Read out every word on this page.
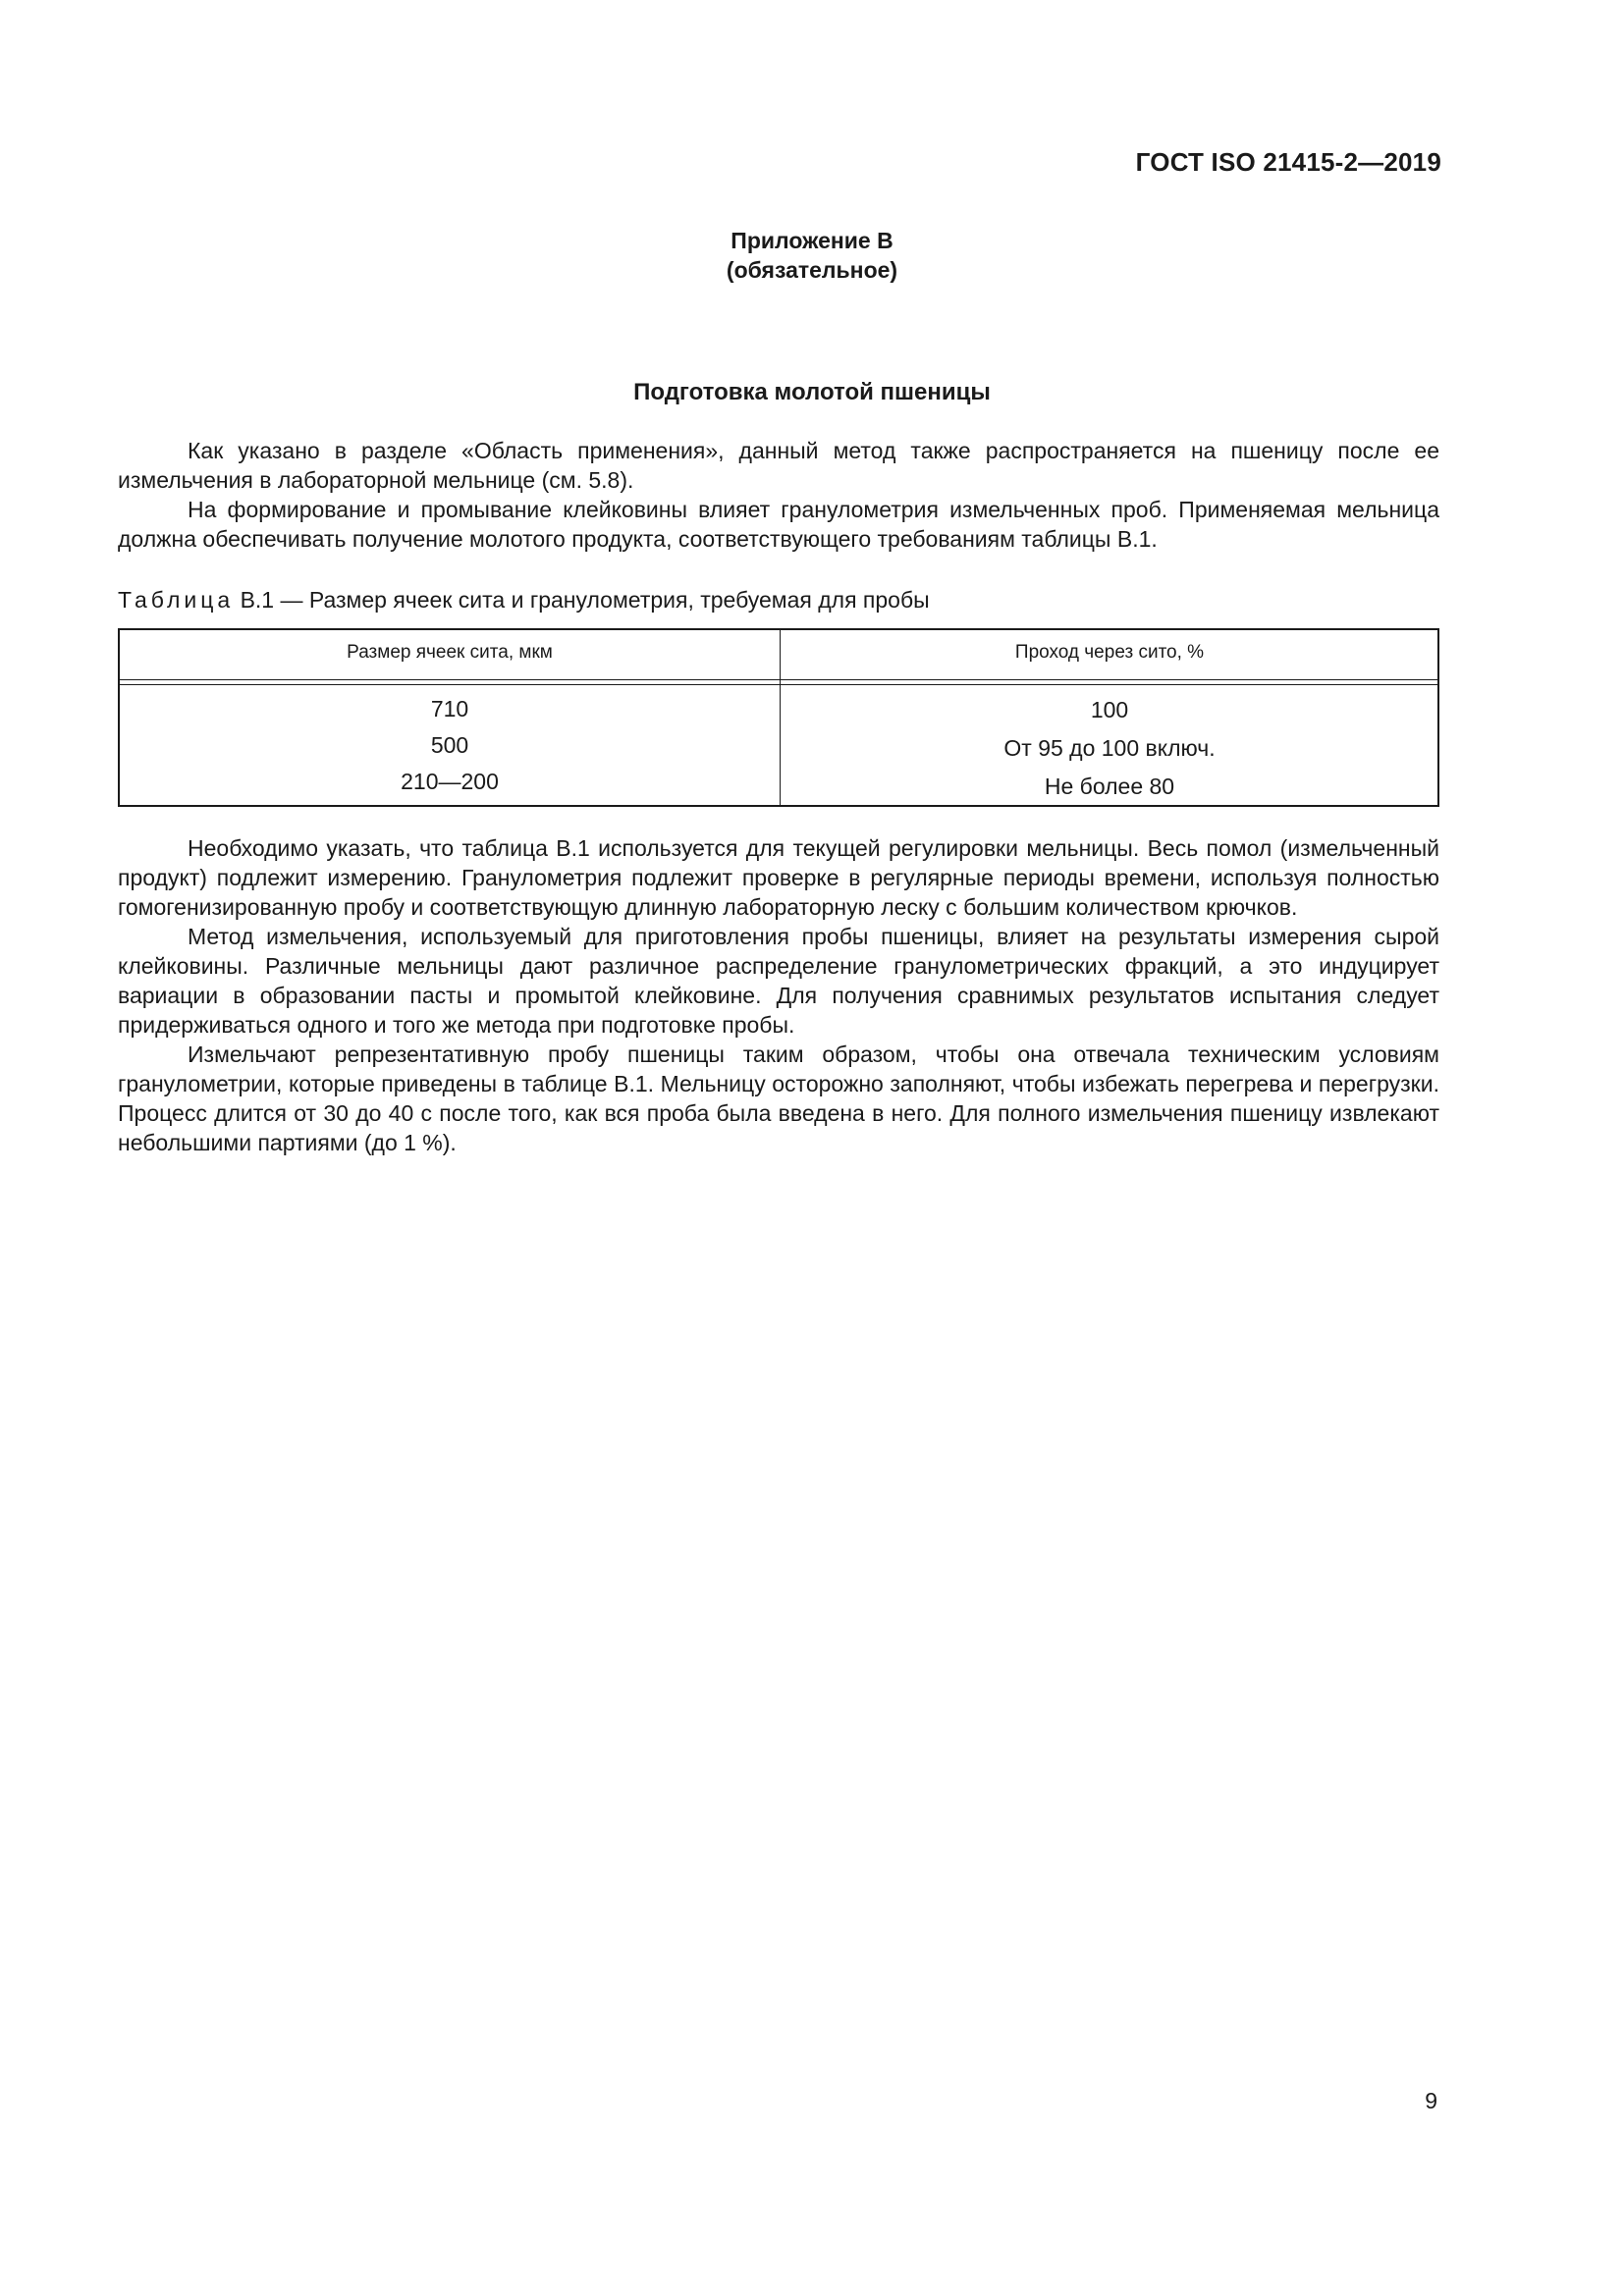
ГОСТ ISO 21415-2—2019
Приложение В
(обязательное)
Подготовка молотой пшеницы

Как указано в разделе «Область применения», данный метод также распространяется на пшеницу после ее измельчения в лабораторной мельнице (см. 5.8).

На формирование и промывание клейковины влияет гранулометрия измельченных проб. Применяемая мельница должна обеспечивать получение молотого продукта, соответствующего требованиям таблицы В.1.

Таблица В.1 — Размер ячеек сита и гранулометрия, требуемая для пробы
Размер ячеек сита, мкм	Проход через сито, %
710
500
210—200
100
От 95 до 100 включ.
Не более 80

Необходимо указать, что таблица В.1 используется для текущей регулировки мельницы. Весь помол (измельченный продукт) подлежит измерению. Гранулометрия подлежит проверке в регулярные периоды времени, используя полностью гомогенизированную пробу и соответствующую длинную лабораторную леску с большим количеством крючков.

Метод измельчения, используемый для приготовления пробы пшеницы, влияет на результаты измерения сырой клейковины. Различные мельницы дают различное распределение гранулометрических фракций, а это индуцирует вариации в образовании пасты и промытой клейковине. Для получения сравнимых результатов испытания следует придерживаться одного и того же метода при подготовке пробы.

Измельчают репрезентативную пробу пшеницы таким образом, чтобы она отвечала техническим условиям гранулометрии, которые приведены в таблице В.1. Мельницу осторожно заполняют, чтобы избежать перегрева и перегрузки. Процесс длится от 30 до 40 с после того, как вся проба была введена в него. Для полного измельчения пшеницу извлекают небольшими партиями (до 1 %).

9
